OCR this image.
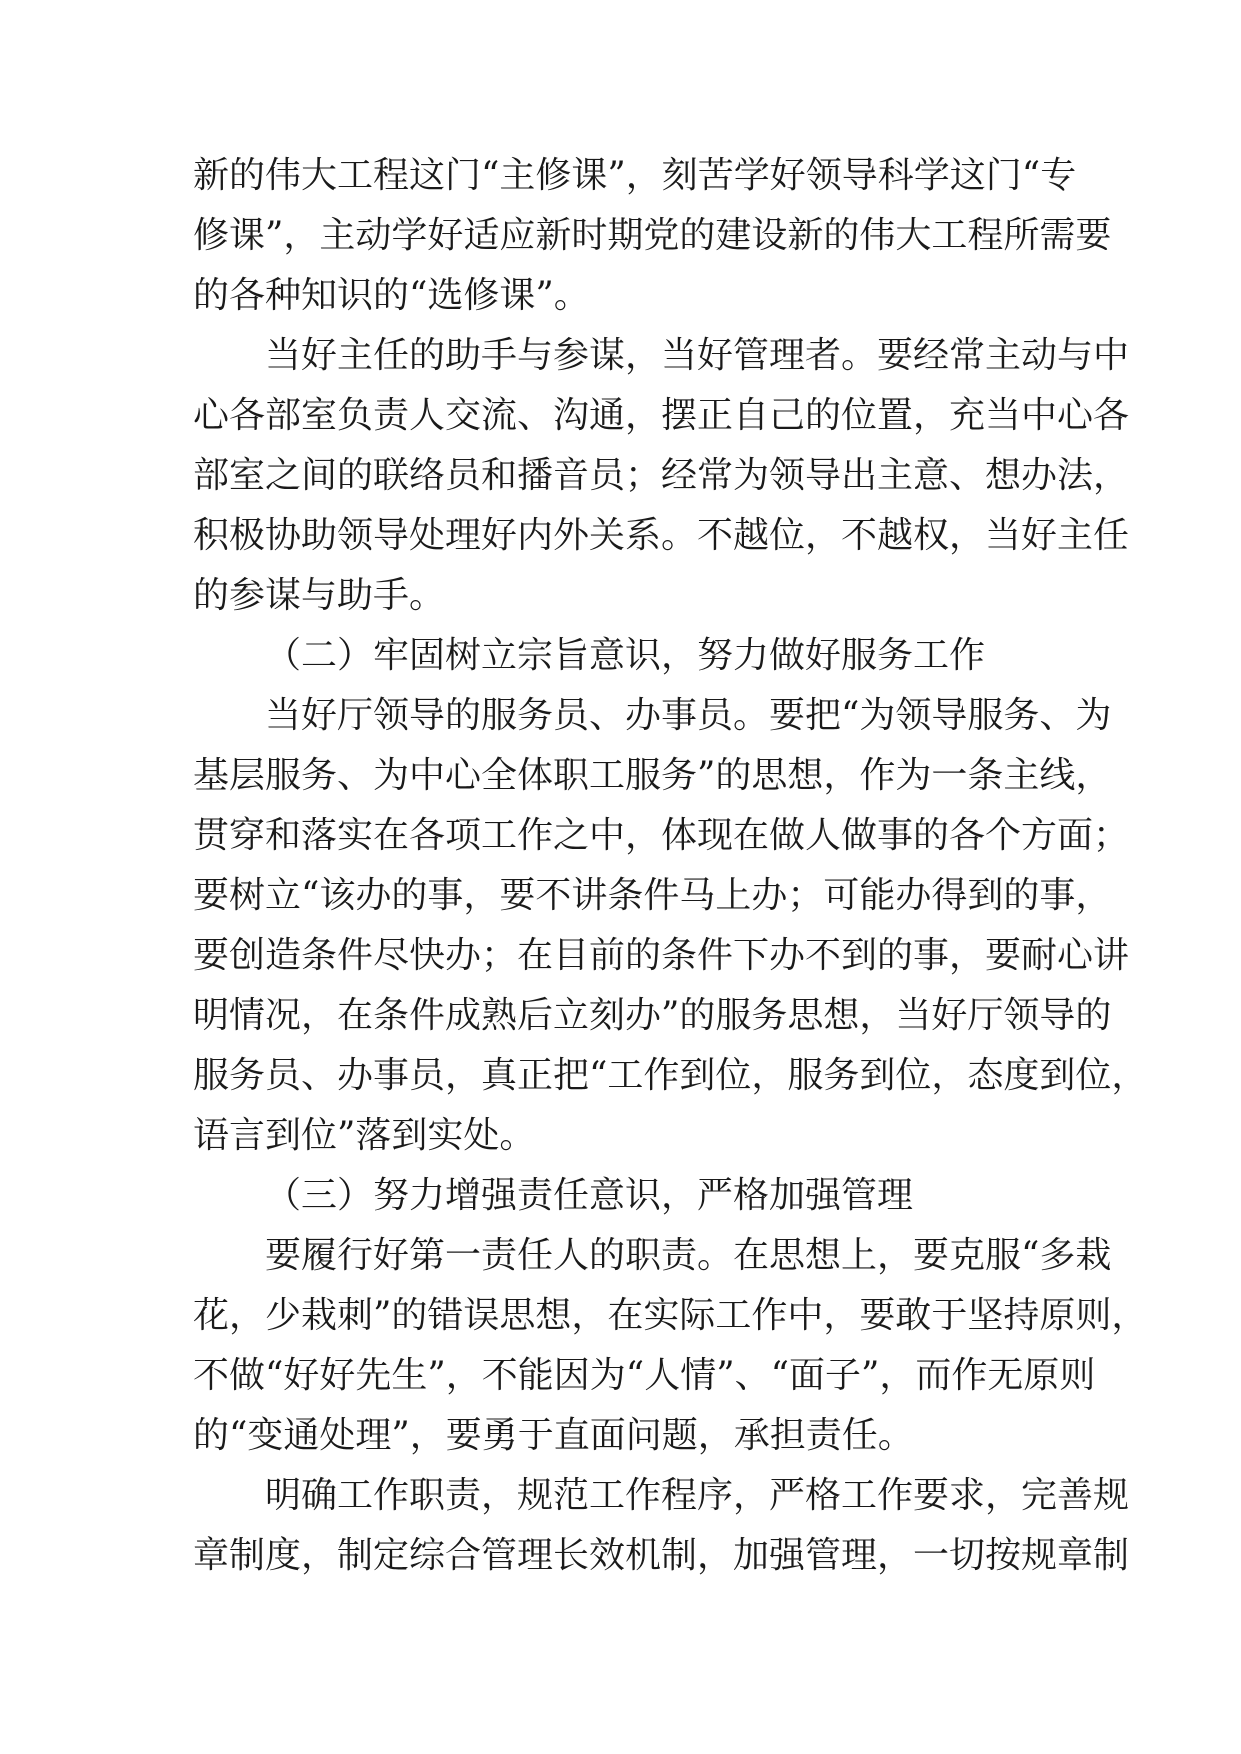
新的伟大工程这门“主修课”，刻苦学好领导科学这门“专
修课”，主动学好适应新时期党的建设新的伟大工程所需要
的各种知识的“选修课”。
当好主任的助手与参谋，当好管理者。要经常主动与中
心各部室负责人交流、沟通，摆正自己的位置，充当中心各
部室之间的联络员和播音员；经常为领导出主意、想办法，
积极协助领导处理好内外关系。不越位，不越权，当好主任
的参谋与助手。
（二）牢固树立宗旨意识，努力做好服务工作
当好厅领导的服务员、办事员。要把“为领导服务、为
基层服务、为中心全体职工服务”的思想，作为一条主线，
贯穿和落实在各项工作之中，体现在做人做事的各个方面；
要树立“该办的事，要不讲条件马上办；可能办得到的事，
要创造条件尽快办；在目前的条件下办不到的事，要耐心讲
明情况，在条件成熟后立刻办”的服务思想，当好厅领导的
服务员、办事员，真正把“工作到位，服务到位，态度到位，
语言到位”落到实处。
（三）努力增强责任意识，严格加强管理
要履行好第一责任人的职责。在思想上，要克服“多栽
花，少栽刺”的错误思想，在实际工作中，要敢于坚持原则，
不做“好好先生”，不能因为“人情”、“面子”，而作无原则
的“变通处理”，要勇于直面问题，承担责任。
明确工作职责，规范工作程序，严格工作要求，完善规
章制度，制定综合管理长效机制，加强管理，一切按规章制
